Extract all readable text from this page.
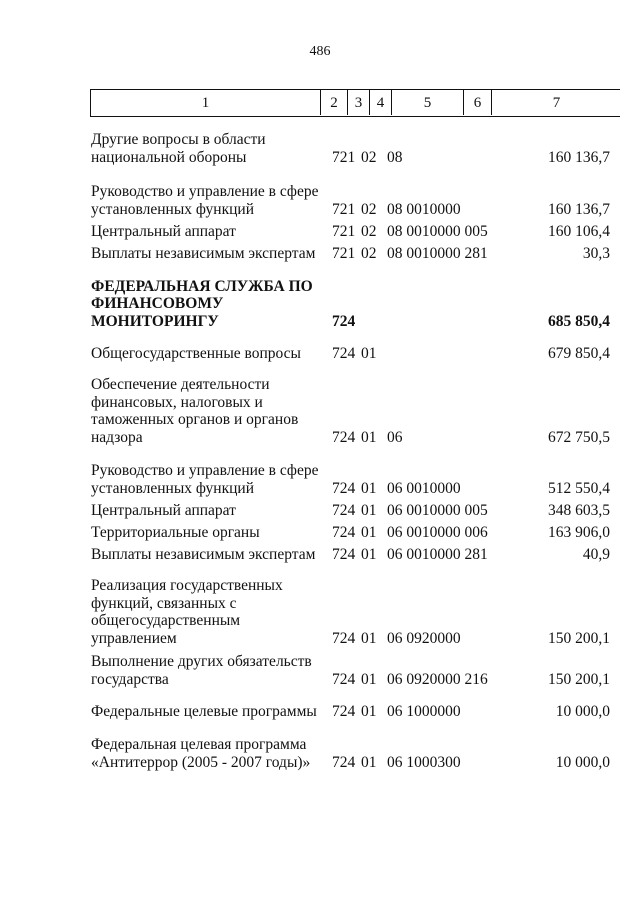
486
1	2	3 4	5	6	7
Другие вопросы в области
национальной обороны	721 02 08	160 136,7
Руководство и управление в сфере
установленных функций	721 02 08 0010000	160 136,7
Центральный аппарат	721 02 08 0010000 005	160 106,4
Выплаты независимым экспертам 721 02 08 0010000 281	30,3
ФЕДЕРАЛЬНАЯ СЛУЖБА ПО
ФИНАНСОВОМУ
МОНИТОРИНГУ	724	685 850,4
Общегосударственные вопросы	724 01	679 850,4
Обеспечение деятельности
финансовых, налоговых и
таможенных органов и органов
надзора	724 01 06	672 750,5
Руководство и управление в сфере
установленных функций	724 01 06 0010000	512 550,4
Центральный аппарат	724 01 06 0010000 005	348 603,5
Территориальные органы	724 01 06 0010000 006	163 906,0
Выплаты независимым экспертам 724 01 06 0010000 281	40,9
Реализация государственных
функций, связанных с
общегосударственным
управлением	724 01 06 0920000	150 200,1
Выполнение других обязательств
государства	724 01 06 0920000 216	150 200,1
Федеральные целевые программы 724 01 06 1000000	10 000,0
Федеральная целевая программа
«Антитеррор (2005 - 2007 годы)»	724 01 06 1000300	10 000,0
